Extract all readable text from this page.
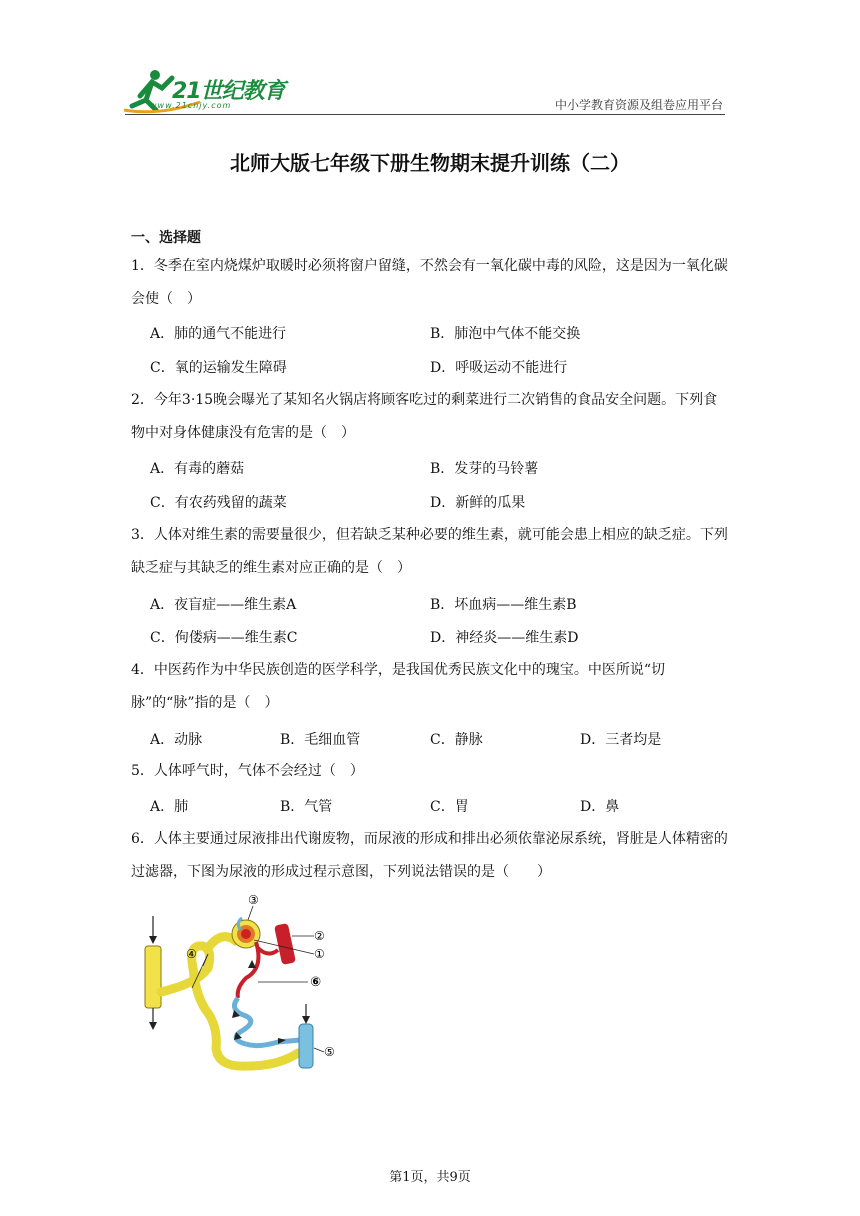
21世纪教育
www.21cnjy.com	中小学教育资源及组卷应用平台
北师大版七年级下册生物期末提升训练（二）
一、选择题
1．冬季在室内烧煤炉取暖时必须将窗户留缝，不然会有一氧化碳中毒的风险，这是因为一氧化碳会使（　）
A．肺的通气不能进行	B．肺泡中气体不能交换
C．氧的运输发生障碍	D．呼吸运动不能进行
2．今年3·15晚会曝光了某知名火锅店将顾客吃过的剩菜进行二次销售的食品安全问题。下列食物中对身体健康没有危害的是（　）
A．有毒的蘑菇	B．发芽的马铃薯
C．有农药残留的蔬菜	D．新鲜的瓜果
3．人体对维生素的需要量很少，但若缺乏某种必要的维生素，就可能会患上相应的缺乏症。下列缺乏症与其缺乏的维生素对应正确的是（　）
A．夜盲症——维生素A	B．坏血病——维生素B
C．佝偻病——维生素C	D．神经炎——维生素D
4．中医药作为中华民族创造的医学科学，是我国优秀民族文化中的瑰宝。中医所说“切脉”的“脉”指的是（　）
A．动脉	B．毛细血管	C．静脉	D．三者均是
5．人体呼气时，气体不会经过（　）
A．肺	B．气管	C．胃	D．鼻
6．人体主要通过尿液排出代谢废物，而尿液的形成和排出必须依靠泌尿系统，肾脏是人体精密的过滤器，下图为尿液的形成过程示意图，下列说法错误的是（　　）
③
②
①
⑥
④
⑤
第1页，共9页
